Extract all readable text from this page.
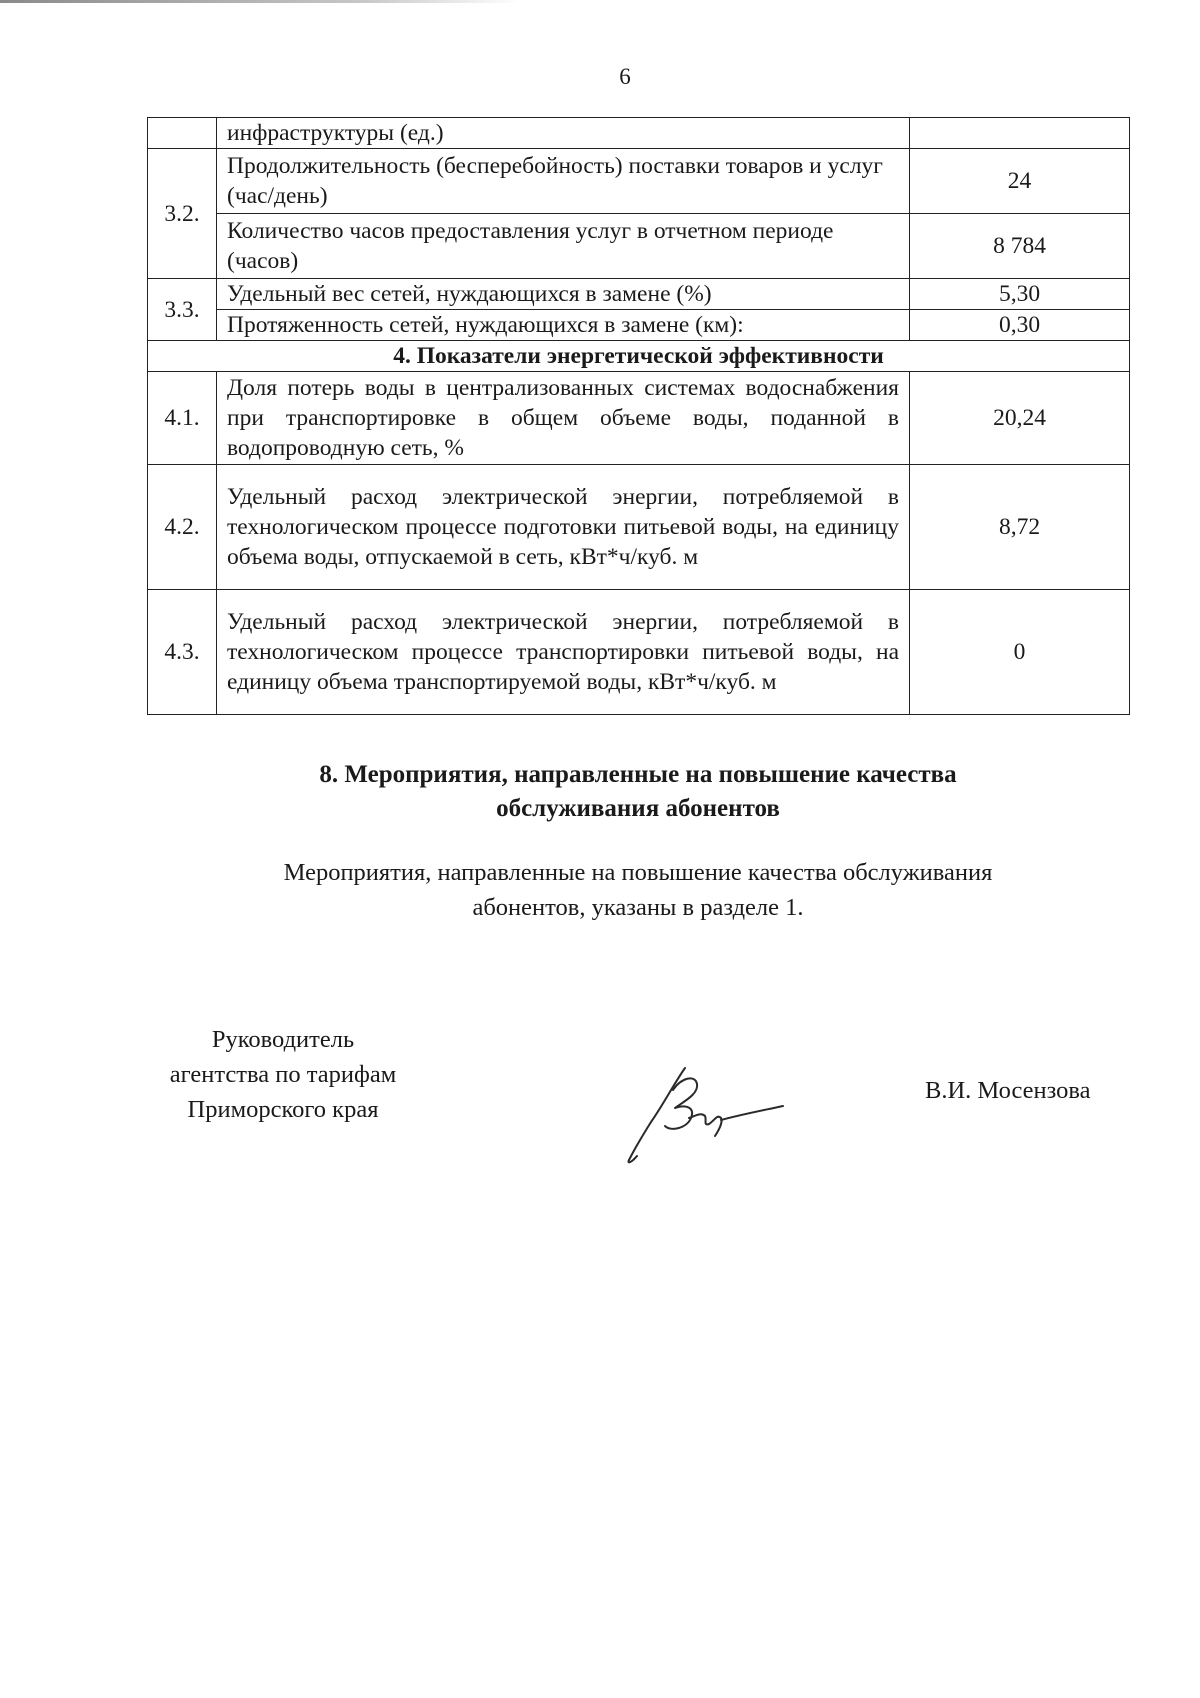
6
	инфраструктуры (ед.)	
3.2.	Продолжительность (бесперебойность) поставки товаров и услуг (час/день)	24
	Количество часов предоставления услуг в отчетном периоде (часов)	8 784
3.3.	Удельный вес сетей, нуждающихся в замене (%)	5,30
	Протяженность сетей, нуждающихся в замене (км):	0,30
4. Показатели энергетической эффективности		
4.1.	Доля потерь воды в централизованных системах водоснабжения при транспортировке в общем объеме воды, поданной в водопроводную сеть, %	20,24
4.2.	Удельный расход электрической энергии, потребляемой в технологическом процессе подготовки питьевой воды, на единицу объема воды, отпускаемой в сеть, кВт*ч/куб. м	8,72
4.3.	Удельный расход электрической энергии, потребляемой в технологическом процессе транспортировки питьевой воды, на единицу объема транспортируемой воды, кВт*ч/куб. м	0
8. Мероприятия, направленные на повышение качества
обслуживания абонентов
Мероприятия, направленные на повышение качества обслуживания
абонентов, указаны в разделе 1.
Руководитель
агентства по тарифам
Приморского края
В.И. Мосензова
